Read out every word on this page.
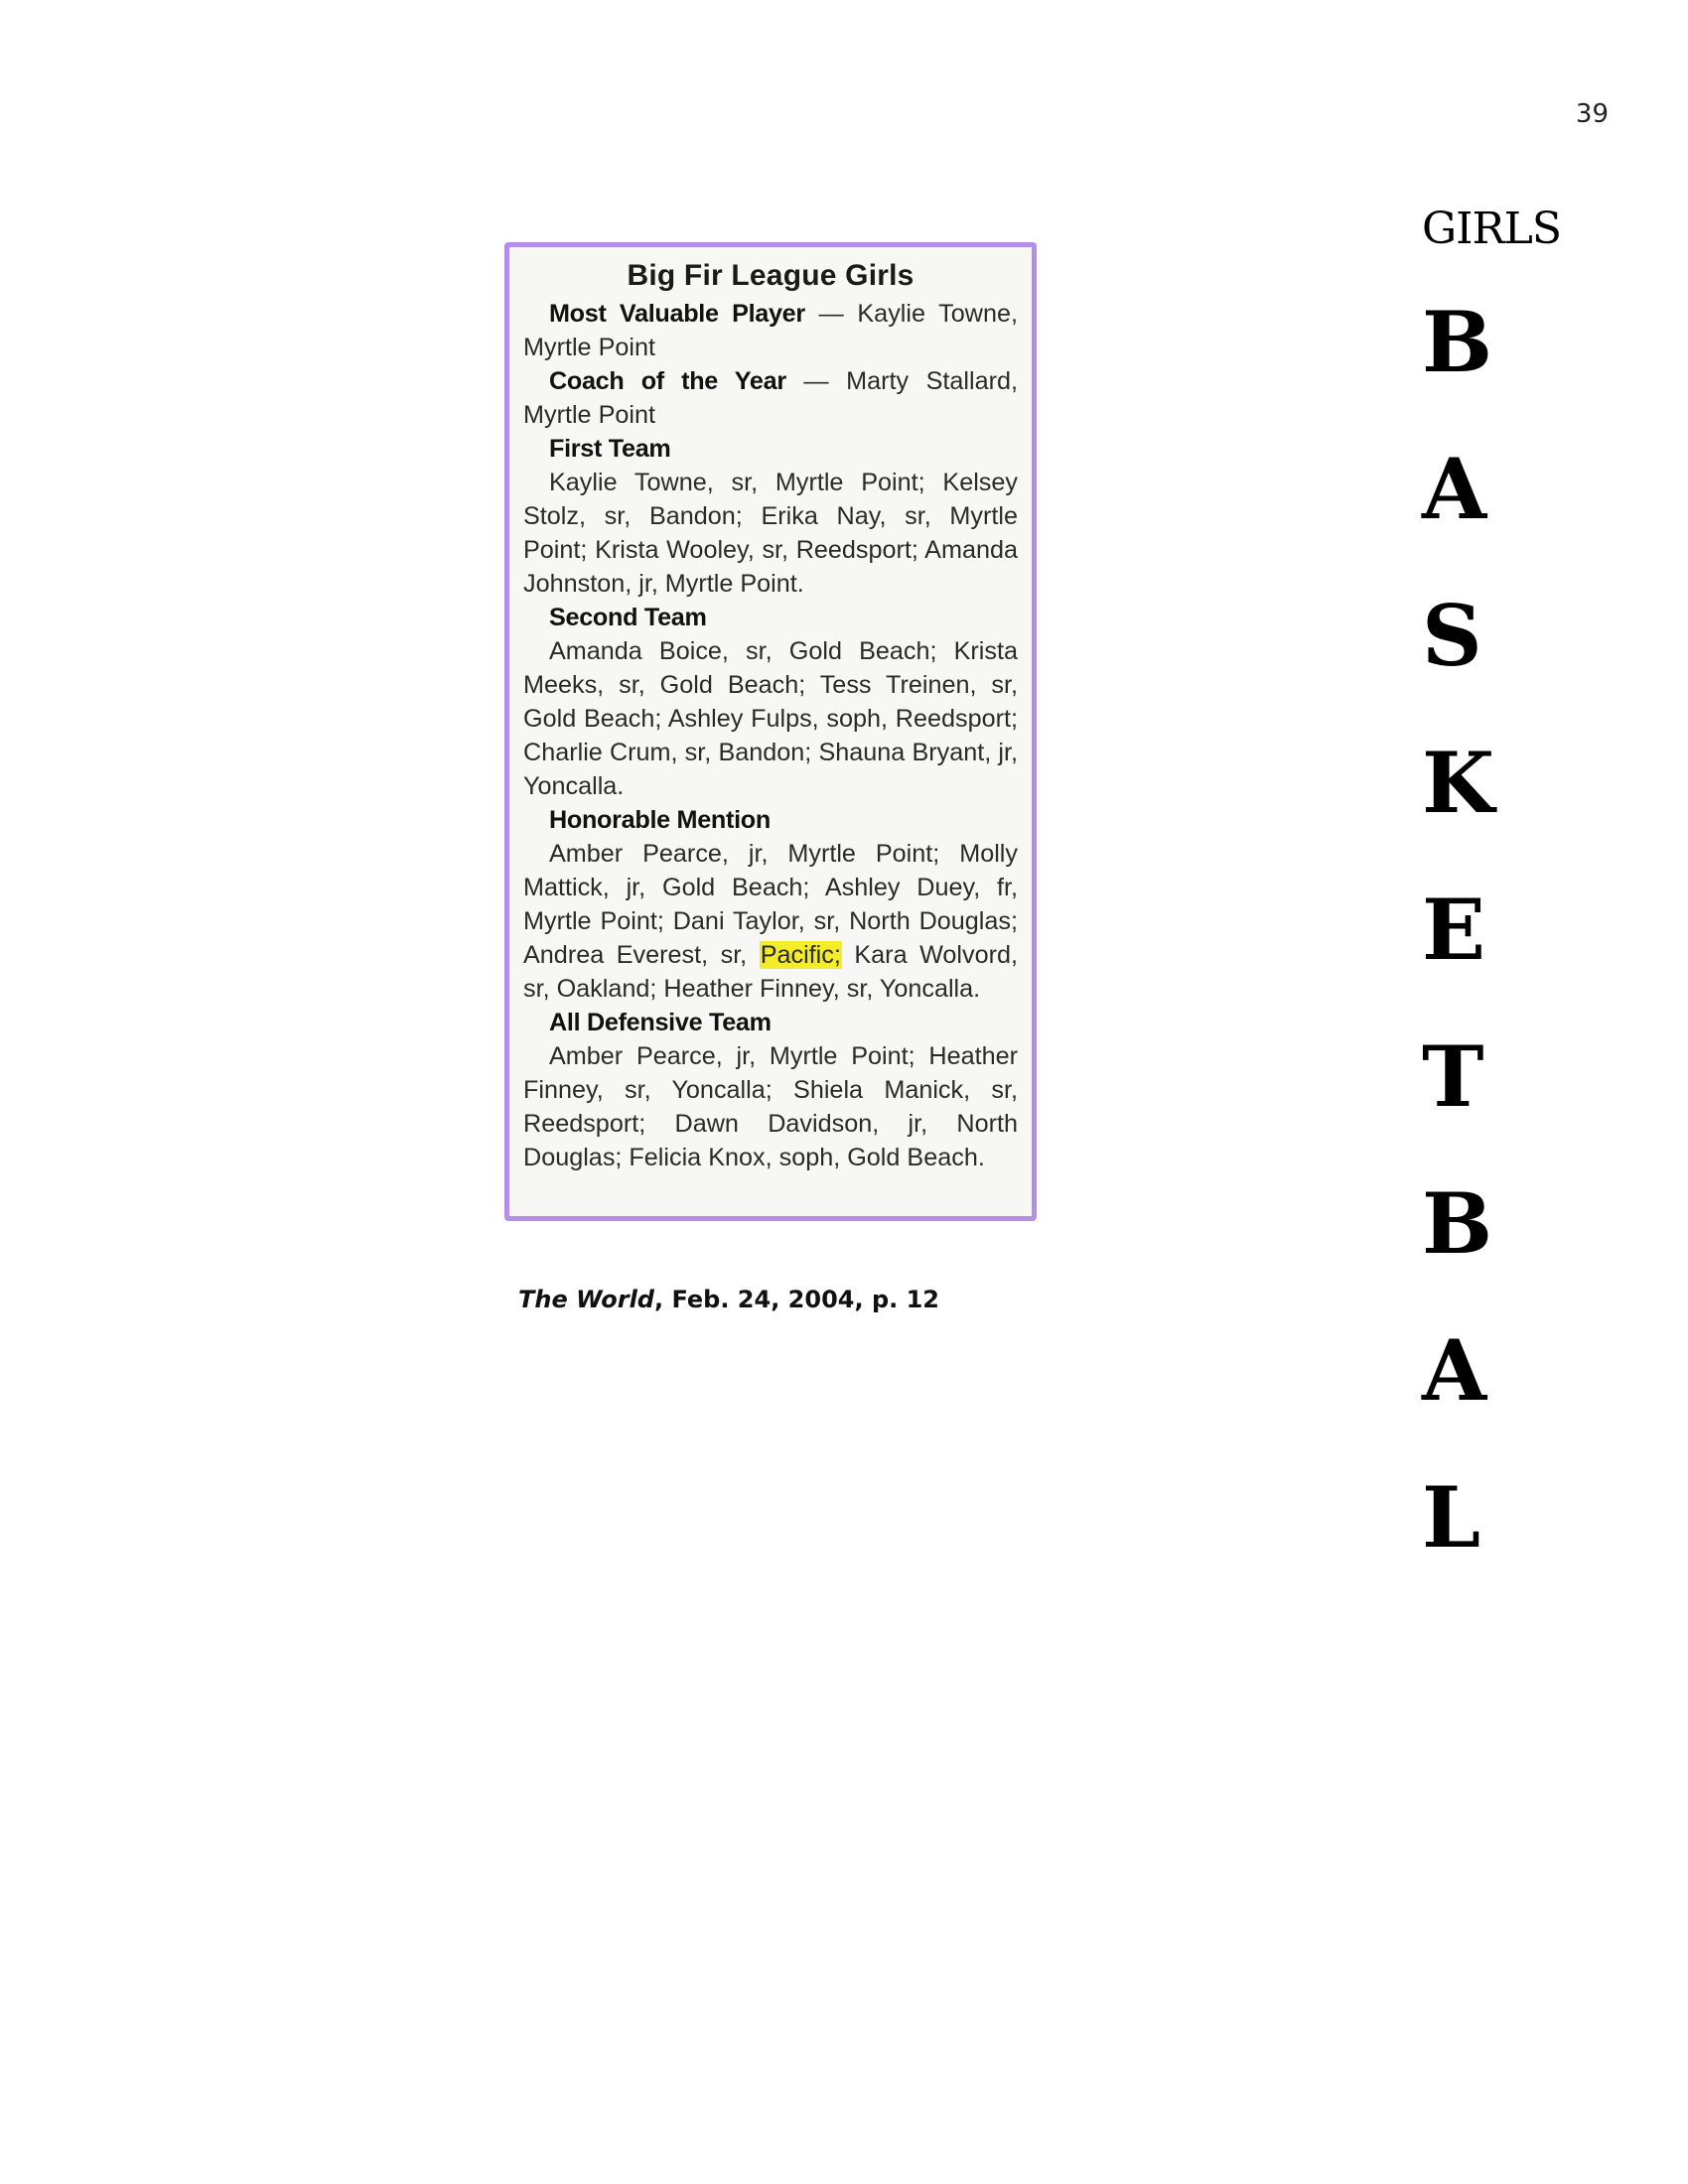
39
Big Fir League Girls

Most Valuable Player — Kaylie Towne, Myrtle Point

Coach of the Year — Marty Stallard, Myrtle Point

First Team

Kaylie Towne, sr, Myrtle Point; Kelsey Stolz, sr, Bandon; Erika Nay, sr, Myrtle Point; Krista Wooley, sr, Reedsport; Amanda Johnston, jr, Myrtle Point.

Second Team

Amanda Boice, sr, Gold Beach; Krista Meeks, sr, Gold Beach; Tess Treinen, sr, Gold Beach; Ashley Fulps, soph, Reedsport; Charlie Crum, sr, Bandon; Shauna Bryant, jr, Yoncalla.

Honorable Mention

Amber Pearce, jr, Myrtle Point; Molly Mattick, jr, Gold Beach; Ashley Duey, fr, Myrtle Point; Dani Taylor, sr, North Douglas; Andrea Everest, sr, Pacific; Kara Wolvord, sr, Oakland; Heather Finney, sr, Yoncalla.

All Defensive Team

Amber Pearce, jr, Myrtle Point; Heather Finney, sr, Yoncalla; Shiela Manick, sr, Reedsport; Dawn Davidson, jr, North Douglas; Felicia Knox, soph, Gold Beach.

The World, Feb. 24, 2004, p. 12
GIRLS
B
A
S
K
E
T
B
A
L
